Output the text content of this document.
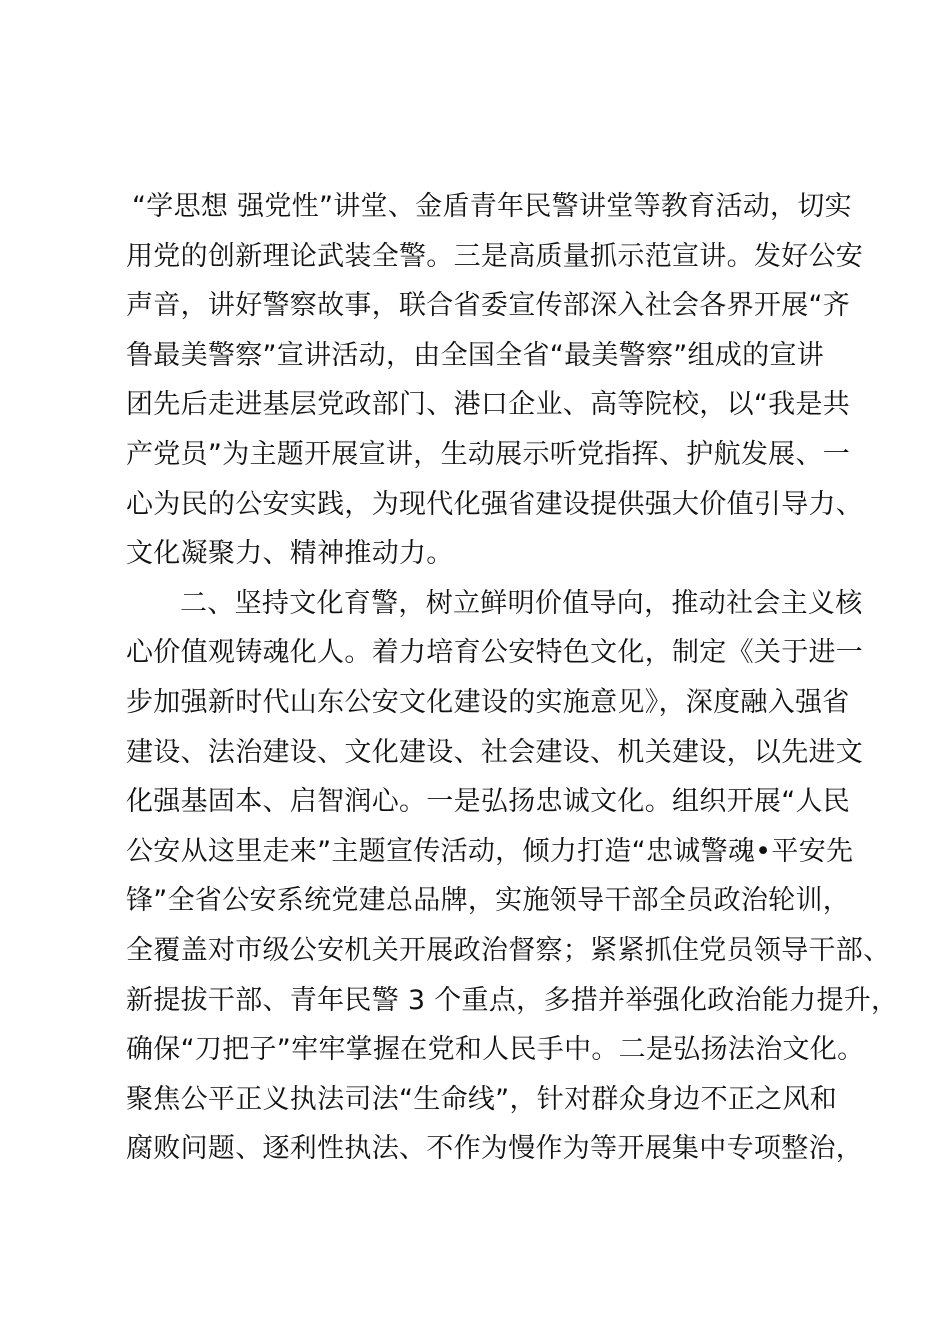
“学思想 强党性”讲堂、金盾青年民警讲堂等教育活动，切实
用党的创新理论武装全警。三是高质量抓示范宣讲。发好公安
声音，讲好警察故事，联合省委宣传部深入社会各界开展“齐
鲁最美警察”宣讲活动，由全国全省“最美警察”组成的宣讲
团先后走进基层党政部门、港口企业、高等院校，以“我是共
产党员”为主题开展宣讲，生动展示听党指挥、护航发展、一
心为民的公安实践，为现代化强省建设提供强大价值引导力、
文化凝聚力、精神推动力。
二、坚持文化育警，树立鲜明价值导向，推动社会主义核
心价值观铸魂化人。着力培育公安特色文化，制定《关于进一
步加强新时代山东公安文化建设的实施意见》，深度融入强省
建设、法治建设、文化建设、社会建设、机关建设，以先进文
化强基固本、启智润心。一是弘扬忠诚文化。组织开展“人民
公安从这里走来”主题宣传活动，倾力打造“忠诚警魂•平安先
锋”全省公安系统党建总品牌，实施领导干部全员政治轮训，
全覆盖对市级公安机关开展政治督察；紧紧抓住党员领导干部、
新提拔干部、青年民警 3 个重点，多措并举强化政治能力提升，
确保“刀把子”牢牢掌握在党和人民手中。二是弘扬法治文化。
聚焦公平正义执法司法“生命线”，针对群众身边不正之风和
腐败问题、逐利性执法、不作为慢作为等开展集中专项整治，
